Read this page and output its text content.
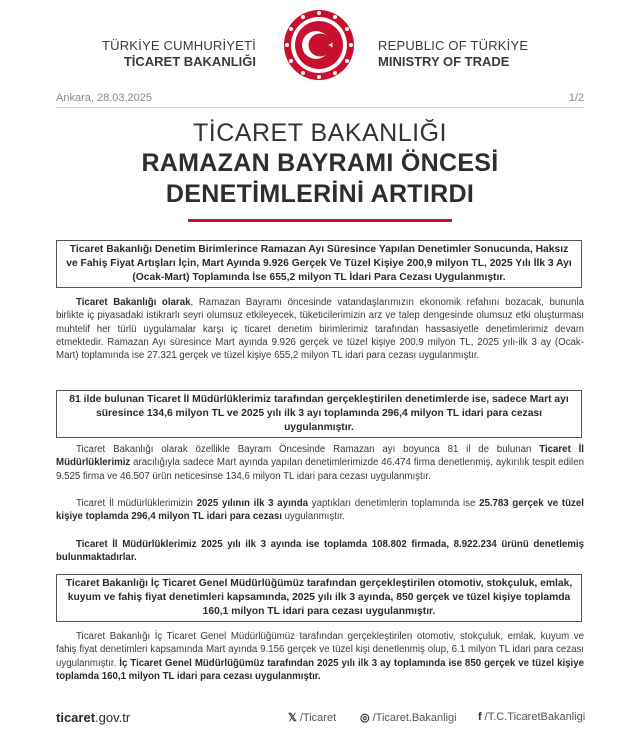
TÜRKİYE CUMHURİYETİ
TİCARET BAKANLIĞI
REPUBLIC OF TÜRKİYE
MINISTRY OF TRADE
Ankara, 28.03.2025	1/2
TİCARET BAKANLIĞI
RAMAZAN BAYRAMI ÖNCESİ
DENETİMLERİNİ ARTIRDI
Ticaret Bakanlığı Denetim Birimlerince Ramazan Ayı Süresince Yapılan Denetimler Sonucunda, Haksız ve Fahiş Fiyat Artışları İçin, Mart Ayında 9.926 Gerçek Ve Tüzel Kişiye 200,9 milyon TL, 2025 Yılı İlk 3 Ayı (Ocak-Mart) Toplamında İse 655,2 milyon TL İdari Para Cezası Uygulanmıştır.
Ticaret Bakanlığı olarak, Ramazan Bayramı öncesinde vatandaşlarımızın ekonomik refahını bozacak, bununla birlikte iç piyasadaki istikrarlı seyri olumsuz etkileyecek, tüketicilerimizin arz ve talep dengesinde olumsuz etki oluşturması muhtelif her türlü uygulamalar karşı iç ticaret denetim birimlerimiz tarafından hassasiyetle denetimlerimiz devam etmektedir. Ramazan Ayı süresince Mart ayında 9.926 gerçek ve tüzel kişiye 200,9 milyon TL, 2025 yılı-ilk 3 ay (Ocak-Mart) toplamında ise 27.321 gerçek ve tüzel kişiye 655,2 milyon TL idari para cezası uygulanmıştır.
81 ilde bulunan Ticaret İl Müdürlüklerimiz tarafından gerçekleştirilen denetimlerde ise, sadece Mart ayı süresince 134,6 milyon TL ve 2025 yılı ilk 3 ayı toplamında 296,4 milyon TL idari para cezası uygulanmıştır.
Ticaret Bakanlığı olarak özellikle Bayram Öncesinde Ramazan ayı boyunca 81 il de bulunan Ticaret İl Müdürlüklerimiz aracılığıyla sadece Mart ayında yapılan denetimlerimizde 46.474 firma denetlenmiş, aykırılık tespit edilen 9.525 firma ve 46.507 ürün neticesinse 134,6 milyon TL idari para cezası uygulanmıştır.
Ticaret İl müdürlüklerimizin 2025 yılının ilk 3 ayında yaptıkları denetimlerin toplamında ise 25.783 gerçek ve tüzel kişiye toplamda 296,4 milyon TL idari para cezası uygulanmıştır.
Ticaret İl Müdürlüklerimiz 2025 yılı ilk 3 ayında ise toplamda 108.802 firmada, 8.922.234 ürünü denetlemiş bulunmaktadırlar.
Ticaret Bakanlığı İç Ticaret Genel Müdürlüğümüz tarafından gerçekleştirilen otomotiv, stokçuluk, emlak, kuyum ve fahiş fiyat denetimleri kapsamında, 2025 yılı ilk 3 ayında, 850 gerçek ve tüzel kişiye toplamda 160,1 milyon TL idari para cezası uygulanmıştır.
Ticaret Bakanlığı İç Ticaret Genel Müdürlüğümüz tarafından gerçekleştirilen otomotiv, stokçuluk, emlak, kuyum ve fahiş fiyat denetimleri kapsamında Mart ayında 9.156 gerçek ve tüzel kişi denetlenmiş olup, 6.1 milyon TL idari para cezası uygulanmıştır. İç Ticaret Genel Müdürlüğümüz tarafından 2025 yılı ilk 3 ay toplamında ise 850 gerçek ve tüzel kişiye toplamda 160,1 milyon TL idari para cezası uygulanmıştır.
ticaret.gov.tr	𝕏 /Ticaret ◎ /Ticaret.Bakanligi f /T.C.TicaretBakanligi
